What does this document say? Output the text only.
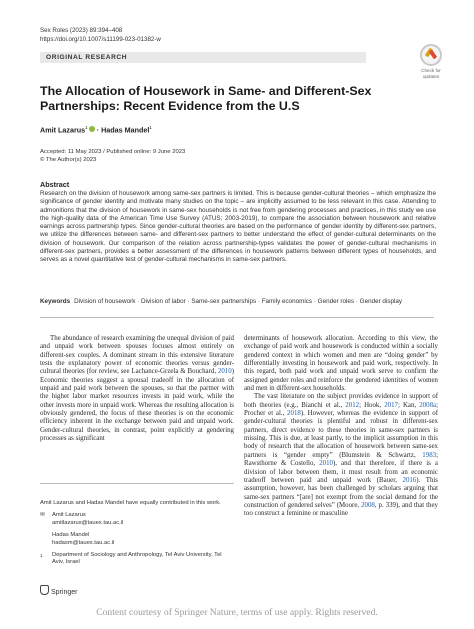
Sex Roles (2023) 89:394–408
https://doi.org/10.1007/s11199-023-01382-w
ORIGINAL RESEARCH
Check for
updates
The Allocation of Housework in Same- and Different-Sex Partnerships: Recent Evidence from the U.S
Amit Lazarus$^1$ · Hadas Mandel$^1$
Accepted: 11 May 2023 / Published online: 9 June 2023
© The Author(s) 2023
Abstract
Research on the division of housework among same-sex partners is limited. This is because gender-cultural theories – which emphasize the significance of gender identity and motivate many studies on the topic – are implicitly assumed to be less relevant in this case. Attending to admonitions that the division of housework in same-sex households is not free from gendering processes and practices, in this study we use the high-quality data of the American Time Use Survey (ATUS; 2003-2019), to compare the association between housework and relative earnings across partnership types. Since gender-cultural theories are based on the performance of gender identity by different-sex partners, we utilize the differences between same- and different-sex partners to better understand the effect of gender-cultural determinants on the division of housework. Our comparison of the relation across partnership-types validates the power of gender-cultural mechanisms in different-sex partners, provides a better assessment of the differences in housework patterns between different types of households, and serves as a novel quantitative test of gender-cultural mechanisms in same-sex partners.
Keywords Division of housework · Division of labor · Same-sex partnerships · Family economics · Gender roles · Gender display

The abundance of research examining the unequal division of paid and unpaid work between spouses focuses almost entirely on different-sex couples. A dominant stream in this extensive literature tests the explanatory power of economic theories versus gender-cultural theories (for review, see Lachance-Grzela & Bouchard, 2010) Economic theories suggest a spousal tradeoff in the allocation of unpaid and paid work between the spouses, so that the partner with the higher labor market resources invests in paid work, while the other invests more in unpaid work. Whereas the resulting allocation is obviously gendered, the focus of these theories is on the economic efficiency inherent in the exchange between paid and unpaid work. Gender-cultural theories, in contrast, point explicitly at gendering processes as significant

Amit Lazarus and Hadas Mandel have equally contributed in this work.
✉	Amit Lazarus
amitlazarus@tauex.tau.ac.il
Hadas Mandel
hadasm@tauex.tau.ac.il
1	Department of Sociology and Anthropology, Tel Aviv University, Tel Aviv, Israel

determinants of housework allocation. According to this view, the exchange of paid work and housework is conducted within a socially gendered context in which women and men are “doing gender” by differentially investing in housework and paid work, respectively. In this regard, both paid work and unpaid work serve to confirm the assigned gender roles and reinforce the gendered identities of women and men in different-sex households.

The vast literature on the subject provides evidence in support of both theories (e.g., Bianchi et al., 2012; Hook, 2017; Kan, 2008a; Procher et al., 2018). However, whereas the evidence in support of gender-cultural theories is plentiful and robust in different-sex partners, direct evidence to these theories in same-sex partners is missing. This is due, at least partly, to the implicit assumption in this body of research that the allocation of housework between same-sex partners is “gender empty” (Blumstein & Schwartz, 1983; Rawsthorne & Costello, 2010), and that therefore, if there is a division of labor between them, it must result from an economic tradeoff between paid and unpaid work (Bauer, 2016). This assumption, however, has been challenged by scholars arguing that same-sex partners “[are] not exempt from the social demand for the construction of gendered selves” (Moore, 2008, p. 339), and that they too construct a feminine or masculine

Springer
Content courtesy of Springer Nature, terms of use apply. Rights reserved.
